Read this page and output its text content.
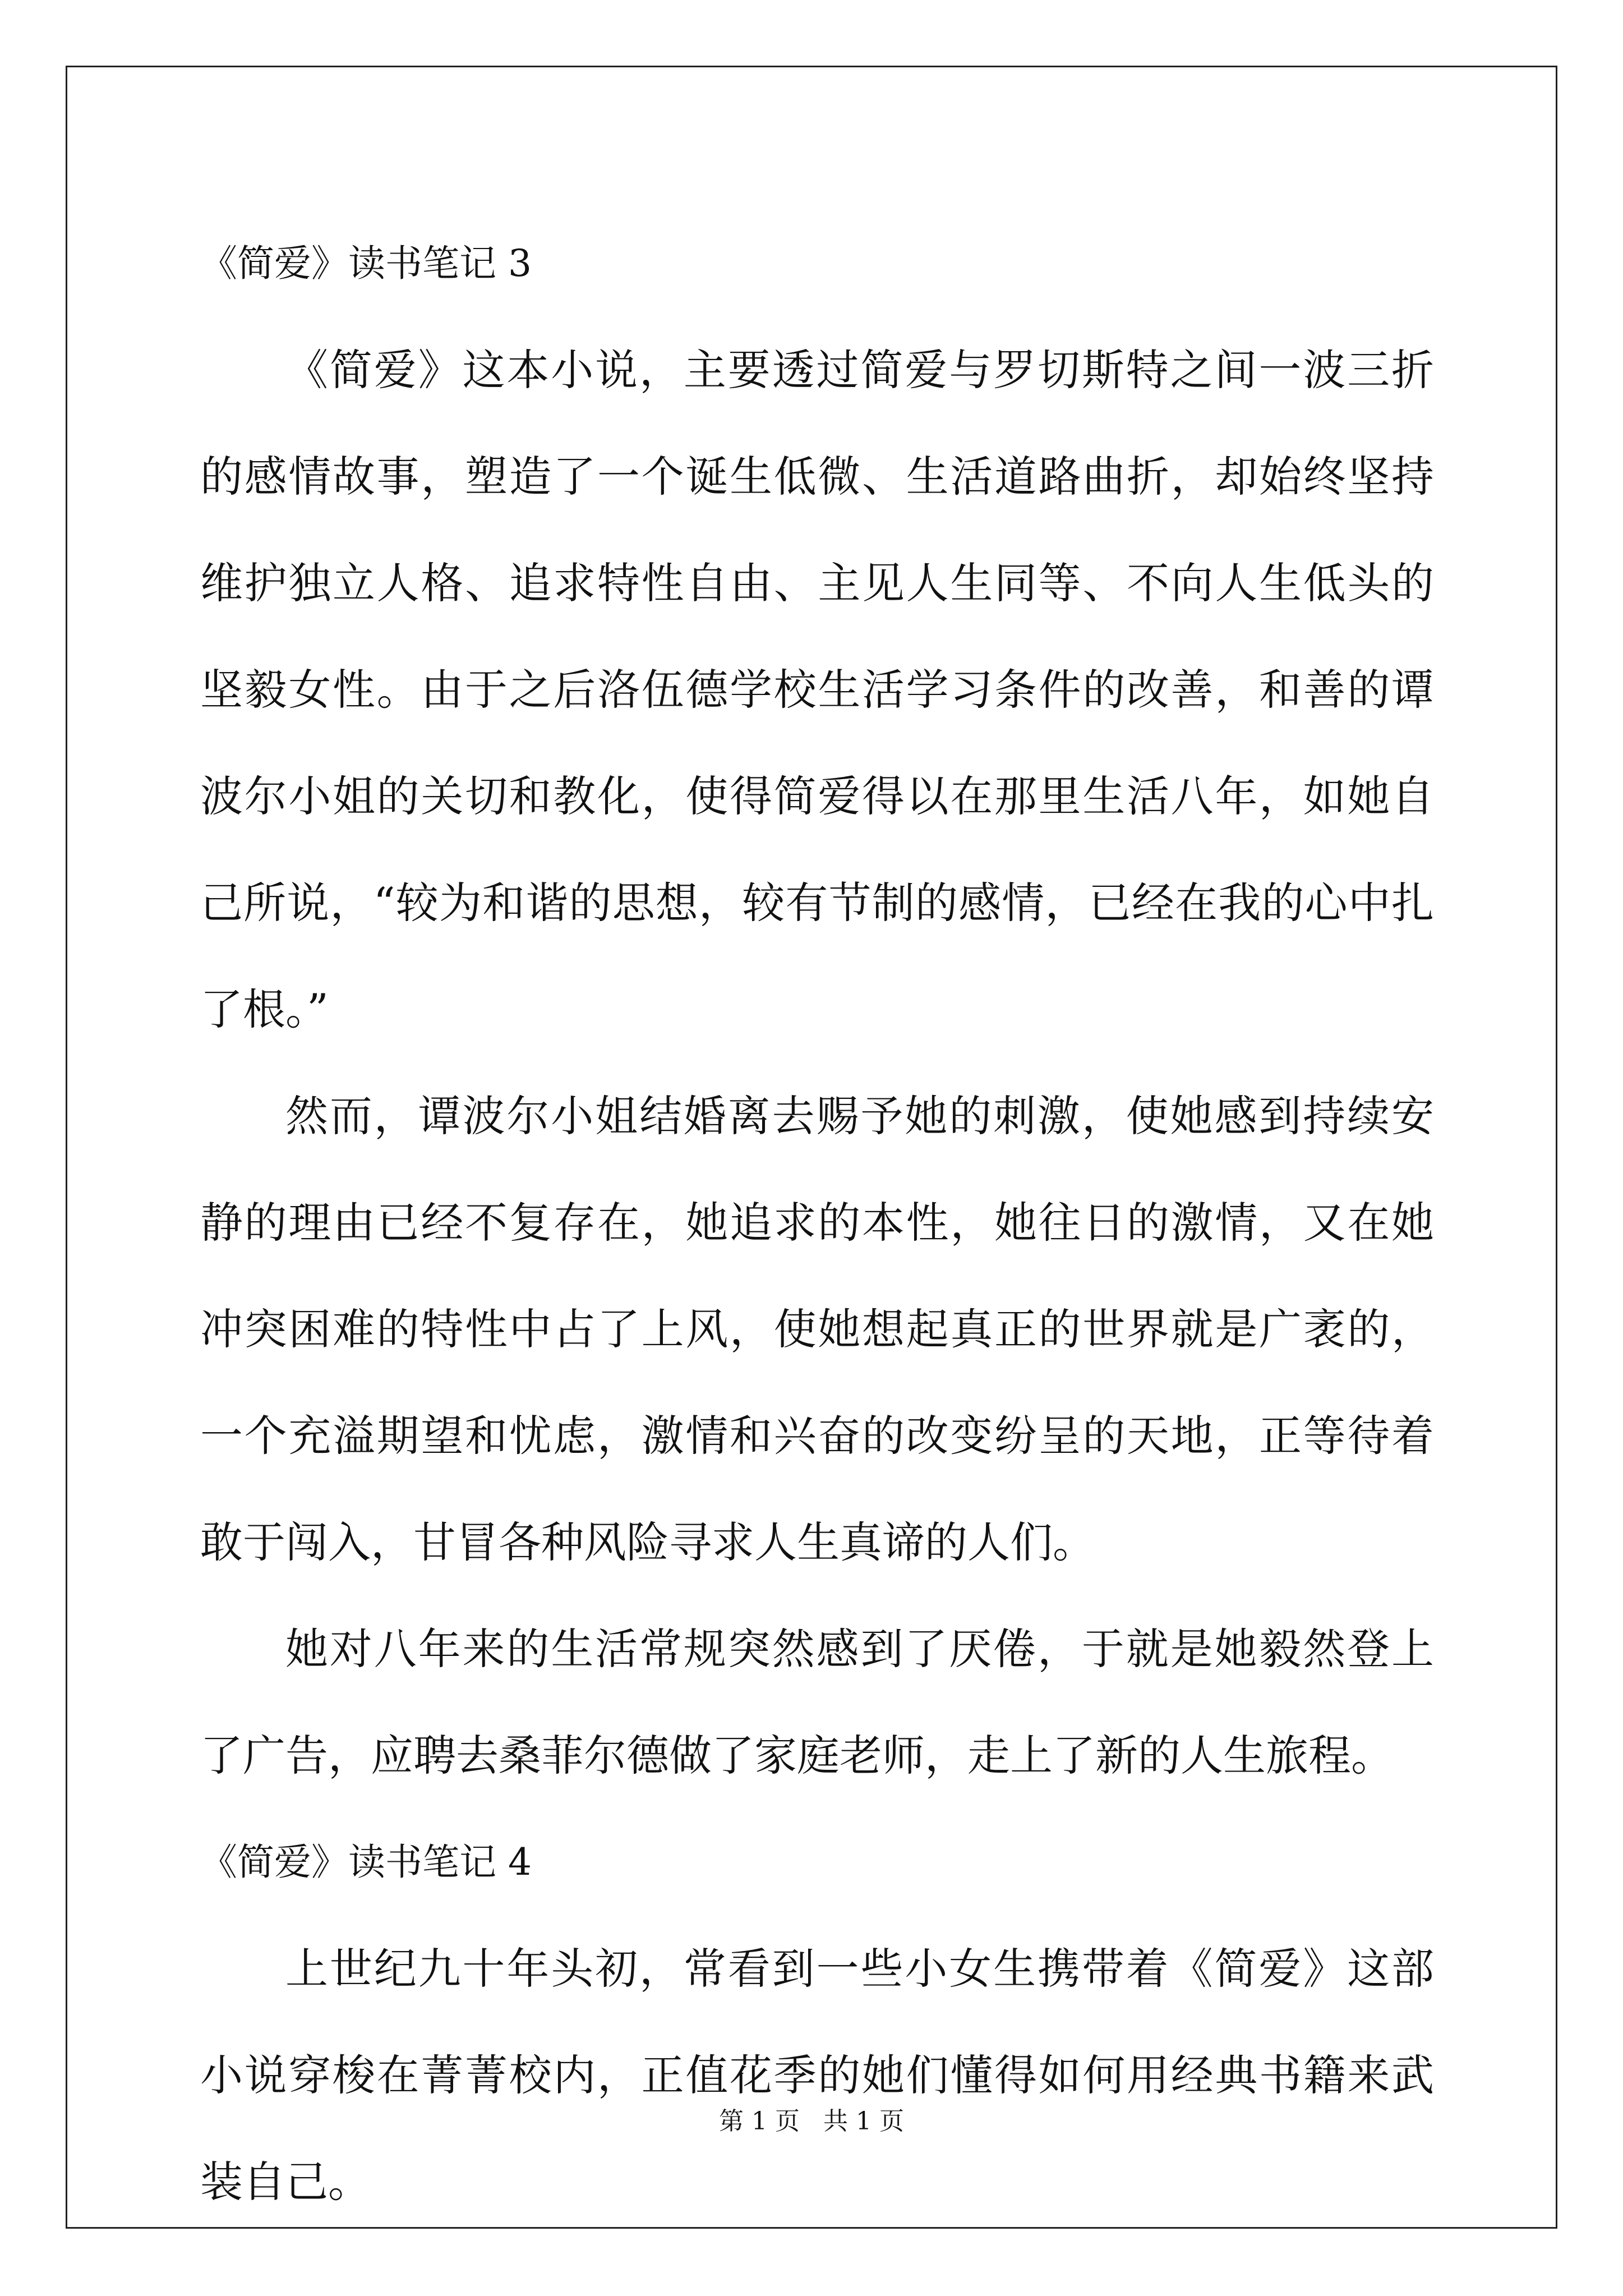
《简爱》读书笔记 3

《简爱》这本小说，主要透过简爱与罗切斯特之间一波三折的感情故事，塑造了一个诞生低微、生活道路曲折，却始终坚持维护独立人格、追求特性自由、主见人生同等、不向人生低头的坚毅女性。由于之后洛伍德学校生活学习条件的改善，和善的谭波尔小姐的关切和教化，使得简爱得以在那里生活八年，如她自己所说，“较为和谐的思想，较有节制的感情，已经在我的心中扎了根。”

然而，谭波尔小姐结婚离去赐予她的刺激，使她感到持续安静的理由已经不复存在，她追求的本性，她往日的激情，又在她冲突困难的特性中占了上风，使她想起真正的世界就是广袤的，一个充溢期望和忧虑，激情和兴奋的改变纷呈的天地，正等待着敢于闯入，甘冒各种风险寻求人生真谛的人们。

她对八年来的生活常规突然感到了厌倦，于就是她毅然登上了广告，应聘去桑菲尔德做了家庭老师，走上了新的人生旅程。

《简爱》读书笔记 4

上世纪九十年头初，常看到一些小女生携带着《简爱》这部小说穿梭在菁菁校内，正值花季的她们懂得如何用经典书籍来武装自己。

第 1 页   共 1 页
